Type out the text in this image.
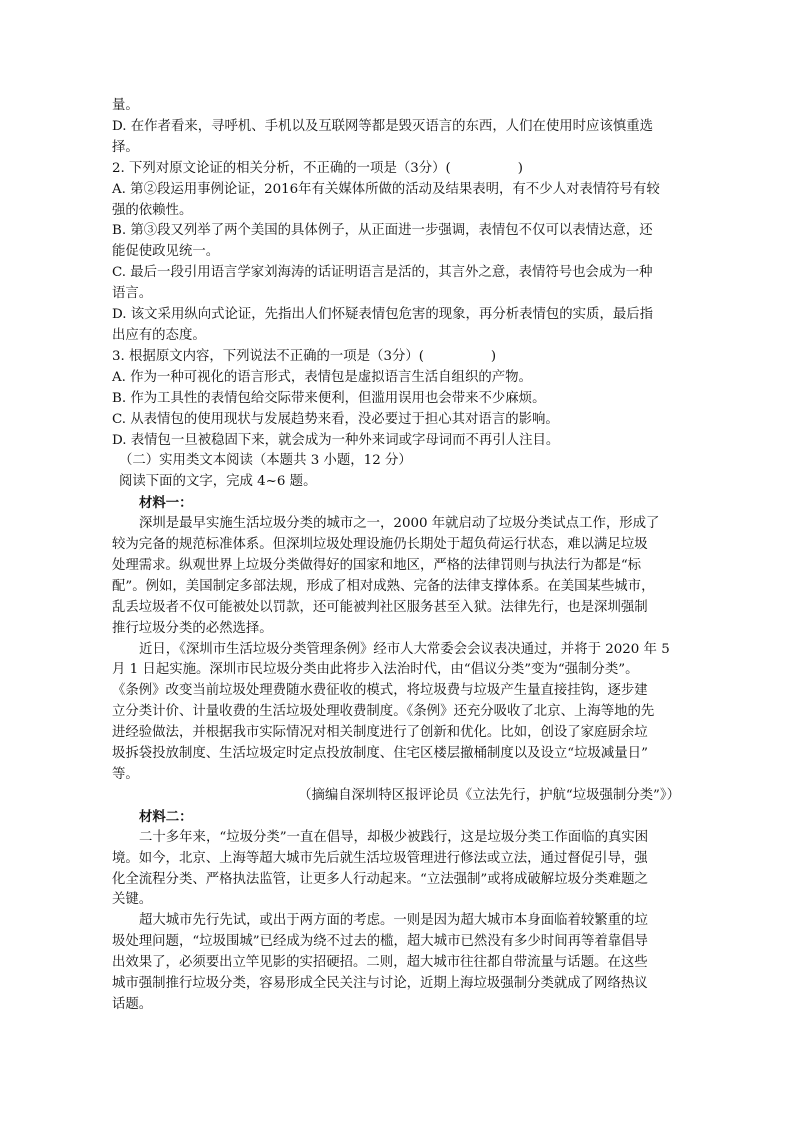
量。
D. 在作者看来，寻呼机、手机以及互联网等都是毁灭语言的东西，人们在使用时应该慎重选
择。
2. 下列对原文论证的相关分析，不正确的一项是（3分）(　　　　　)
A. 第②段运用事例论证，2016年有关媒体所做的活动及结果表明，有不少人对表情符号有较
强的依赖性。
B. 第③段又列举了两个美国的具体例子，从正面进一步强调，表情包不仅可以表情达意，还
能促使政见统一。
C. 最后一段引用语言学家刘海涛的话证明语言是活的，其言外之意，表情符号也会成为一种
语言。
D. 该文采用纵向式论证，先指出人们怀疑表情包危害的现象，再分析表情包的实质，最后指
出应有的态度。
3. 根据原文内容，下列说法不正确的一项是（3分）(　　　　　)
A. 作为一种可视化的语言形式，表情包是虚拟语言生活自组织的产物。
B. 作为工具性的表情包给交际带来便利，但滥用误用也会带来不少麻烦。
C. 从表情包的使用现状与发展趋势来看，没必要过于担心其对语言的影响。
D. 表情包一旦被稳固下来，就会成为一种外来词或字母词而不再引人注目。
（二）实用类文本阅读（本题共 3 小题，12 分）
阅读下面的文字，完成 4~6 题。
材料一：
深圳是最早实施生活垃圾分类的城市之一，2000 年就启动了垃圾分类试点工作，形成了
较为完备的规范标准体系。但深圳垃圾处理设施仍长期处于超负荷运行状态，难以满足垃圾
处理需求。纵观世界上垃圾分类做得好的国家和地区，严格的法律罚则与执法行为都是“标
配”。例如，美国制定多部法规，形成了相对成熟、完备的法律支撑体系。在美国某些城市，
乱丢垃圾者不仅可能被处以罚款，还可能被判社区服务甚至入狱。法律先行，也是深圳强制
推行垃圾分类的必然选择。
近日，《深圳市生活垃圾分类管理条例》经市人大常委会会议表决通过，并将于 2020 年 5
月 1 日起实施。深圳市民垃圾分类由此将步入法治时代，由“倡议分类”变为“强制分类”。
《条例》改变当前垃圾处理费随水费征收的模式，将垃圾费与垃圾产生量直接挂钩，逐步建
立分类计价、计量收费的生活垃圾处理收费制度。《条例》还充分吸收了北京、上海等地的先
进经验做法，并根据我市实际情况对相关制度进行了创新和优化。比如，创设了家庭厨余垃
圾拆袋投放制度、生活垃圾定时定点投放制度、住宅区楼层撤桶制度以及设立“垃圾减量日”
等。
（摘编自深圳特区报评论员《立法先行，护航“垃圾强制分类”》）
材料二：
二十多年来，“垃圾分类”一直在倡导，却极少被践行，这是垃圾分类工作面临的真实困
境。如今，北京、上海等超大城市先后就生活垃圾管理进行修法或立法，通过督促引导，强
化全流程分类、严格执法监管，让更多人行动起来。“立法强制”或将成破解垃圾分类难题之
关键。
超大城市先行先试，或出于两方面的考虑。一则是因为超大城市本身面临着较繁重的垃
圾处理问题，“垃圾围城”已经成为绕不过去的槛，超大城市已然没有多少时间再等着靠倡导
出效果了，必须要出立竿见影的实招硬招。二则，超大城市往往都自带流量与话题。在这些
城市强制推行垃圾分类，容易形成全民关注与讨论，近期上海垃圾强制分类就成了网络热议
话题。
